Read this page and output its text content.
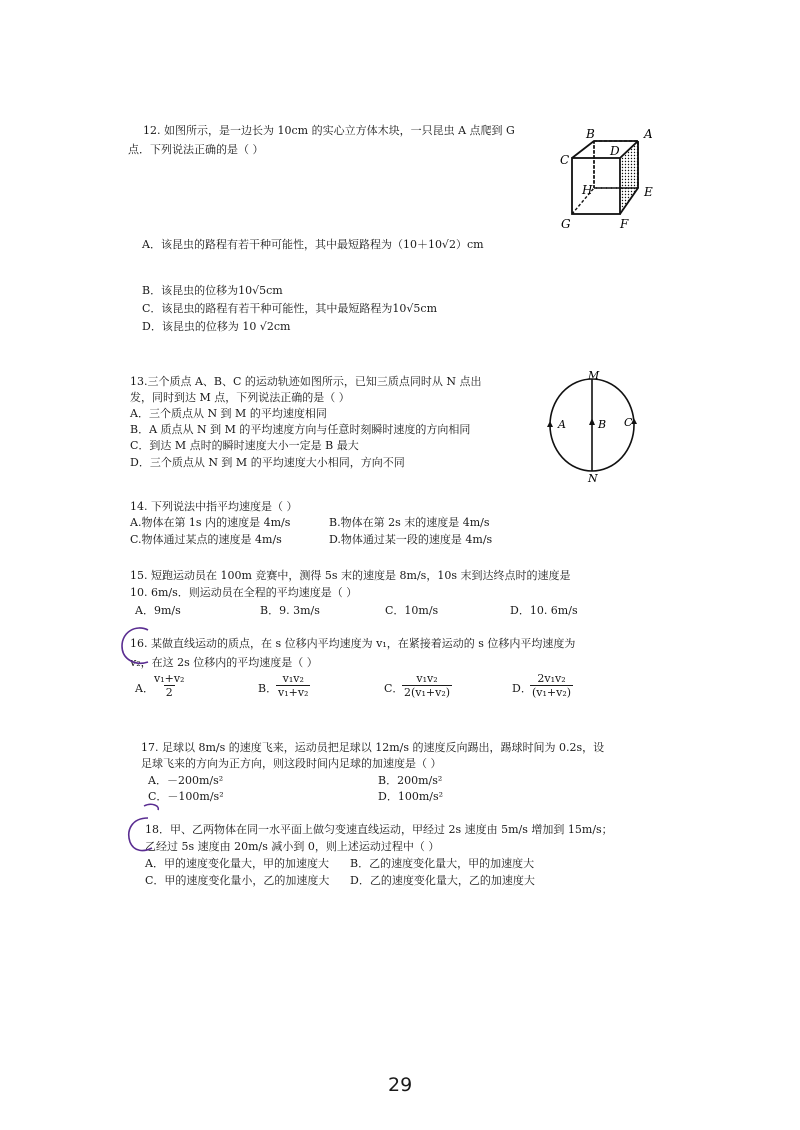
12. 如图所示，是一边长为 10cm 的实心立方体木块，一只昆虫 A 点爬到 G
点．下列说法正确的是（ ）
B	A
C
D
H	E
G	F
A．该昆虫的路程有若干种可能性，其中最短路程为（10＋10√2）cm
B．该昆虫的位移为10√5cm
C．该昆虫的路程有若干种可能性，其中最短路程为10√5cm
D．该昆虫的位移为 10 √2cm
13.三个质点 A、B、C 的运动轨迹如图所示，已知三质点同时从 N 点出
发，同时到达 M 点，下列说法正确的是（ ）
A．三个质点从 N 到 M 的平均速度相同
B．A 质点从 N 到 M 的平均速度方向与任意时刻瞬时速度的方向相同
C．到达 M 点时的瞬时速度大小一定是 B 最大
D．三个质点从 N 到 M 的平均速度大小相同，方向不同
M
N
A	B C
14. 下列说法中指平均速度是（ ）
A.物体在第 1s 内的速度是 4m/s	B.物体在第 2s 末的速度是 4m/s
C.物体通过某点的速度是 4m/s	D.物体通过某一段的速度是 4m/s
15. 短跑运动员在 100m 竞赛中，测得 5s 末的速度是 8m/s，10s 末到达终点时的速度是
10. 6m/s．则运动员在全程的平均速度是（ ）
A．9m/s	B．9. 3m/s	C．10m/s	D．10. 6m/s
16. 某做直线运动的质点，在 s 位移内平均速度为 v₁，在紧接着运动的 s 位移内平均速度为
v₂，在这 2s 位移内的平均速度是（ ）
A．
$\frac{\text{v₁+v₂}}{2}$	B．
$\frac{\text{v₁v₂}}{\text{v₁+v₂}}$	C．
$\frac{\text{v₁v₂}}{\text{2(v₁+v₂)}}$	D．
$\frac{\text{2v₁v₂}}{\text{(v₁+v₂)}}$
17. 足球以 8m/s 的速度飞来，运动员把足球以 12m/s 的速度反向踢出，踢球时间为 0.2s，设
足球飞来的方向为正方向，则这段时间内足球的加速度是（ ）
A．－200m/s²	B．200m/s²
C．－100m/s²	D．100m/s²
18．甲、乙两物体在同一水平面上做匀变速直线运动，甲经过 2s 速度由 5m/s 增加到 15m/s；
乙经过 5s 速度由 20m/s 减小到 0，则上述运动过程中（ ）
A．甲的速度变化量大，甲的加速度大 B．乙的速度变化量大，甲的加速度大
C．甲的速度变化量小，乙的加速度大 D．乙的速度变化量大，乙的加速度大
29
